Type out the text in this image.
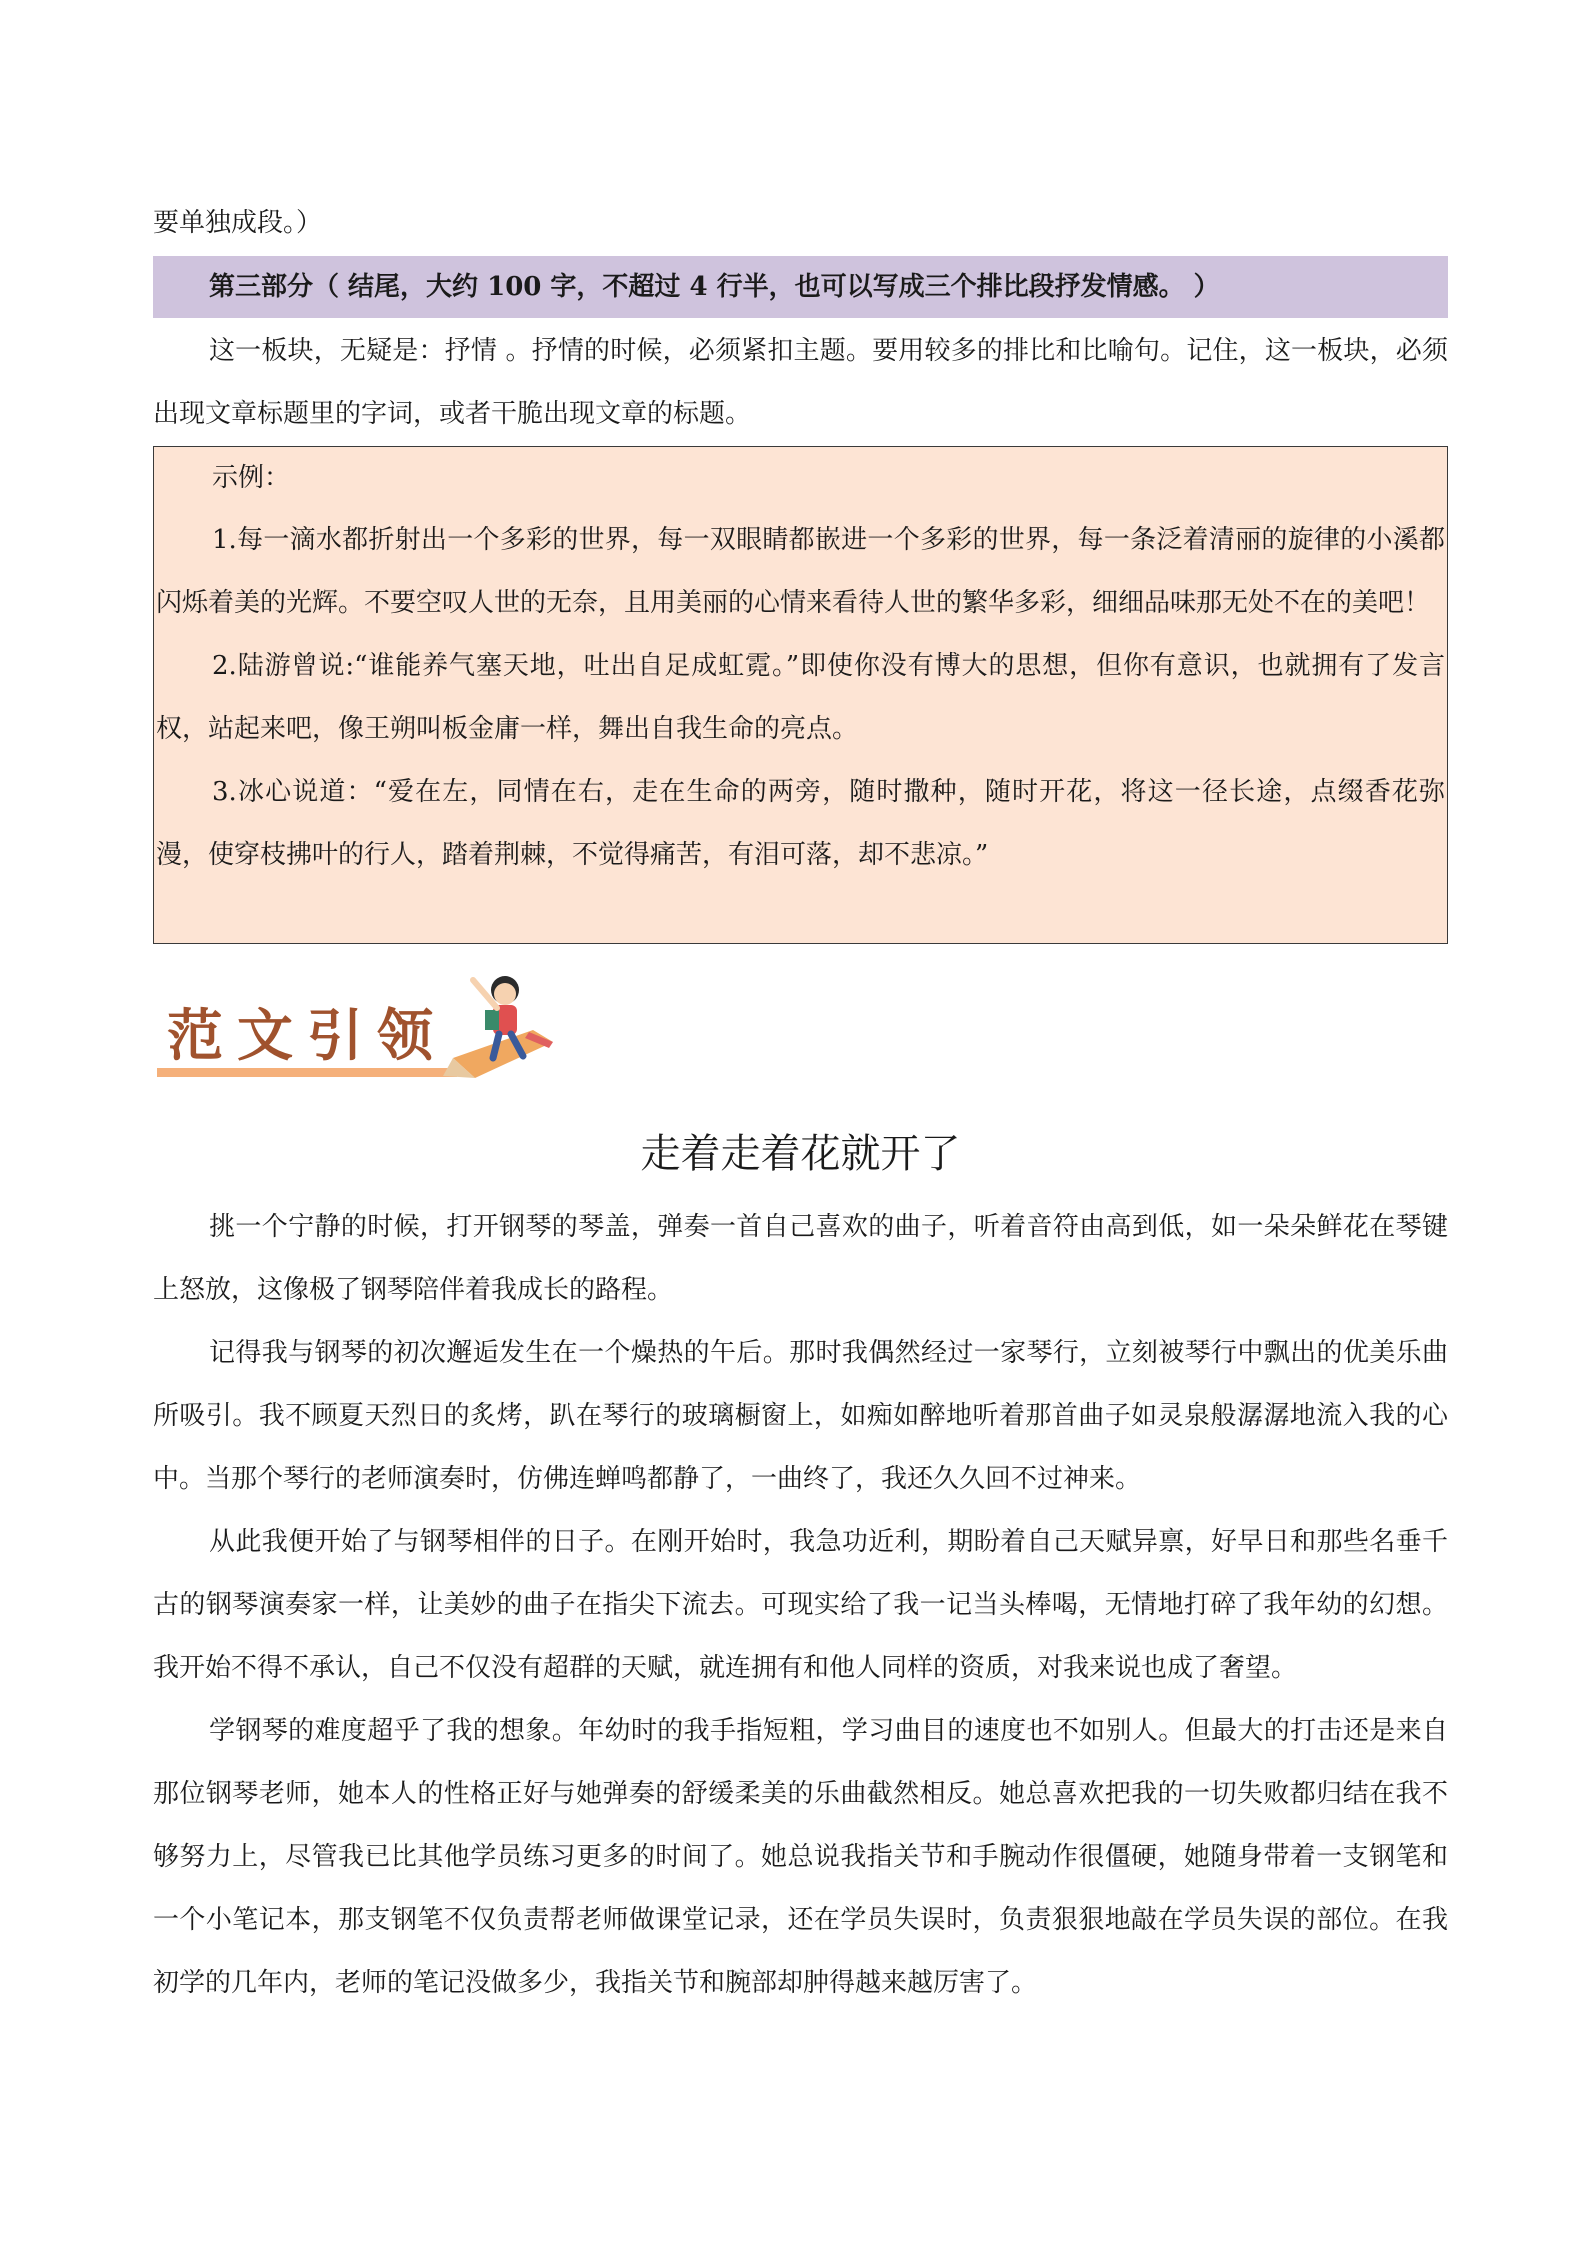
要单独成段。）

第三部分（ 结尾，大约 100 字，不超过 4 行半，也可以写成三个排比段抒发情感。 ）

这一板块，无疑是：抒情 。抒情的时候，必须紧扣主题。要用较多的排比和比喻句。记住，这一板块，必须出现文章标题里的字词，或者干脆出现文章的标题。

示例：

1.每一滴水都折射出一个多彩的世界，每一双眼睛都嵌进一个多彩的世界，每一条泛着清丽的旋律的小溪都闪烁着美的光辉。不要空叹人世的无奈，且用美丽的心情来看待人世的繁华多彩，细细品味那无处不在的美吧！

2.陆游曾说:“谁能养气塞天地，吐出自足成虹霓。”即使你没有博大的思想，但你有意识，也就拥有了发言权，站起来吧，像王朔叫板金庸一样，舞出自我生命的亮点。

3.冰心说道：“爱在左，同情在右，走在生命的两旁，随时撒种，随时开花，将这一径长途，点缀香花弥漫，使穿枝拂叶的行人，踏着荆棘，不觉得痛苦，有泪可落，却不悲凉。”

范文引领
走着走着花就开了

挑一个宁静的时候，打开钢琴的琴盖，弹奏一首自己喜欢的曲子，听着音符由高到低，如一朵朵鲜花在琴键上怒放，这像极了钢琴陪伴着我成长的路程。

记得我与钢琴的初次邂逅发生在一个燥热的午后。那时我偶然经过一家琴行，立刻被琴行中飘出的优美乐曲所吸引。我不顾夏天烈日的炙烤，趴在琴行的玻璃橱窗上，如痴如醉地听着那首曲子如灵泉般潺潺地流入我的心中。当那个琴行的老师演奏时，仿佛连蝉鸣都静了，一曲终了，我还久久回不过神来。

从此我便开始了与钢琴相伴的日子。在刚开始时，我急功近利，期盼着自己天赋异禀，好早日和那些名垂千古的钢琴演奏家一样，让美妙的曲子在指尖下流去。可现实给了我一记当头棒喝，无情地打碎了我年幼的幻想。我开始不得不承认，自己不仅没有超群的天赋，就连拥有和他人同样的资质，对我来说也成了奢望。

学钢琴的难度超乎了我的想象。年幼时的我手指短粗，学习曲目的速度也不如别人。但最大的打击还是来自那位钢琴老师，她本人的性格正好与她弹奏的舒缓柔美的乐曲截然相反。她总喜欢把我的一切失败都归结在我不够努力上，尽管我已比其他学员练习更多的时间了。她总说我指关节和手腕动作很僵硬，她随身带着一支钢笔和一个小笔记本，那支钢笔不仅负责帮老师做课堂记录，还在学员失误时，负责狠狠地敲在学员失误的部位。在我初学的几年内，老师的笔记没做多少，我指关节和腕部却肿得越来越厉害了。
